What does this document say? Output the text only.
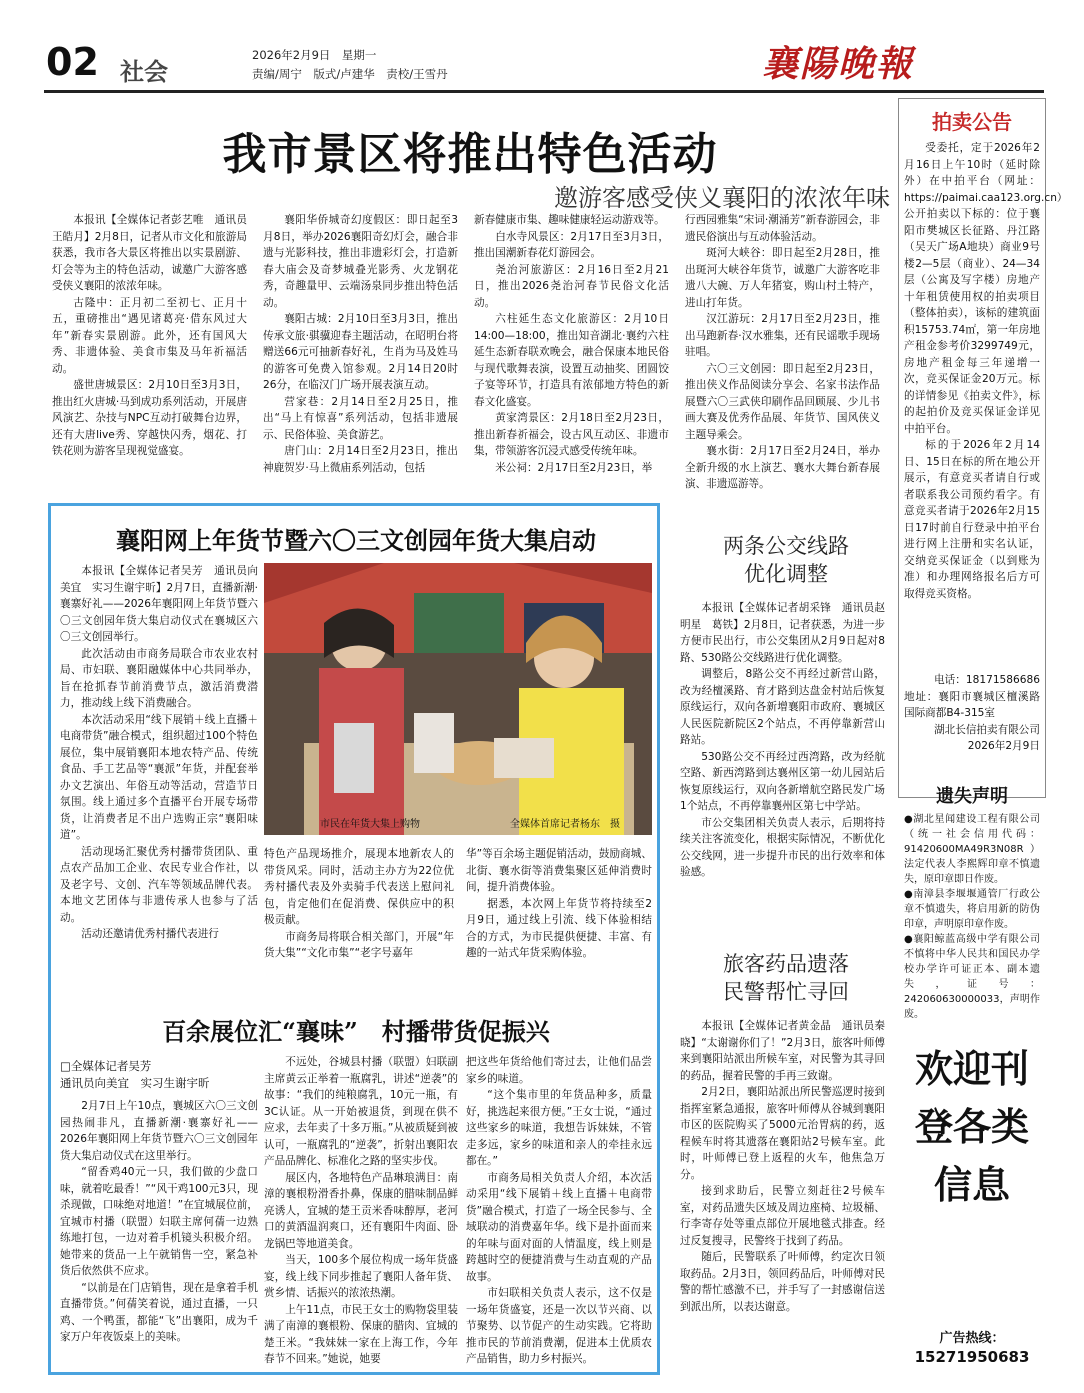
02 社会
2026年2月9日　星期一
责编/周宁　版式/卢建华　责校/王雪丹	襄陽晚報
我市景区将推出特色活动
邀游客感受侠义襄阳的浓浓年味

本报讯【全媒体记者彭艺唯　通讯员王皓月】2月8日，记者从市文化和旅游局获悉，我市各大景区将推出以实景剧游、灯会等为主的特色活动，诚邀广大游客感受侠义襄阳的浓浓年味。

古隆中：正月初二至初七、正月十五，重磅推出“遇见诸葛亮·借东风过大年”新春实景剧游。此外，还有国风大秀、非遗体验、美食市集及马年祈福活动。

盛世唐城景区：2月10日至3月3日，推出红火唐城·马到成功系列活动，开展唐风演艺、杂技与NPC互动打破舞台边界，还有大唐live秀、穿越快闪秀，烟花、打铁花则为游客呈现视觉盛宴。

襄阳华侨城奇幻度假区：即日起至3月8日，举办2026襄阳奇幻灯会，融合非遗与光影科技，推出非遗彩灯会，打造新春大庙会及奇梦城叠光影秀、火龙钢花秀，奇趣量甲、云端汤泉同步推出特色活动。

襄阳古城：2月10日至3月3日，推出传承文旅·骐骥迎春主题活动，在昭明台将赠送66元可抽新春好礼，生肖为马及姓马的游客可免费入馆参观。2月14日20时26分，在临汉门广场开展表演互动。

营家巷：2月14日至2月25日，推出“马上有惊喜”系列活动，包括非遗展示、民俗体验、美食游艺。

唐门山：2月14日至2月23日，推出神鹿贺岁·马上微庙系列活动，包括

新春健康市集、趣味健康轻运动游戏等。

白水寺风景区：2月17日至3月3日，推出国潮新春花灯游园会。

尧治河旅游区：2月16日至2月21日，推出2026尧治河春节民俗文化活动。

六柱延生态文化旅游区：2月10日14:00—18:00，推出知音湖北·襄约六柱延生态新春联欢晚会，融合保康本地民俗与现代歌舞表演，设置互动抽奖、团圆饺子宴等环节，打造具有浓郁地方特色的新春文化盛宴。

黄家湾景区：2月18日至2月23日，推出新春祈福会，设古风互动区、非遗市集，带领游客沉浸式感受传统年味。

米公祠：2月17日至2月23日，举

行西园雅集“宋词·潮涌芳”新春游园会，非遗民俗演出与互动体验活动。

斑河大峡谷：即日起至2月28日，推出斑河大峡谷年货节，诚邀广大游客吃非遗八大碗、万人年猪宴，购山村土特产，进山打年货。

汉江游玩：2月17日至2月23日，推出马跑新春·汉水雅集，还有民谣歌手现场驻唱。

六〇三文创园：即日起至2月23日，推出侠义作品阅读分享会、名家书法作品展暨六〇三武侠印刷作品回顾展、少儿书画大赛及优秀作品展、年货节、国风侠义主题导乘会。

襄水街：2月17日至2月24日，举办全新升级的水上演艺、襄水大舞台新春展演、非遗巡游等。

襄阳网上年货节暨六〇三文创园年货大集启动

本报讯【全媒体记者吴芳　通讯员向美宜　实习生谢宇昕】2月7日，直播新潮·襄寨好礼——2026年襄阳网上年货节暨六〇三文创园年货大集启动仪式在襄城区六〇三文创园举行。

此次活动由市商务局联合市农业农村局、市妇联、襄阳融媒体中心共同举办，旨在抢抓春节前消费节点，激活消费潜力，推动线上线下消费融合。

本次活动采用“线下展销＋线上直播＋电商带货”融合模式，组织超过100个特色展位，集中展销襄阳本地农特产品、传统食品、手工艺品等“襄派”年货，并配套举办文艺演出、年俗互动等活动，营造节日氛围。线上通过多个直播平台开展专场带货，让消费者足不出户选购正宗“襄阳味道”。

活动现场汇聚优秀村播带货团队、重点农产品加工企业、农民专业合作社，以及老字号、文创、汽车等领域品牌代表。本地文艺团体与非遗传承人也参与了活动。

活动还邀请优秀村播代表进行

市民在年货大集上购物	全媒体首席记者杨东　摄

特色产品现场推介，展现本地新农人的带货风采。同时，活动主办方为22位优秀村播代表及外卖骑手代表送上慰问礼包，肯定他们在促消费、保供应中的积极贡献。

市商务局将联合相关部门，开展“年货大集”“文化市集”“老字号嘉年

华”等百余场主题促销活动，鼓励商城、北街、襄水街等消费集聚区延伸消费时间，提升消费体验。

据悉，本次网上年货节将持续至2月9日，通过线上引流、线下体验相结合的方式，为市民提供便捷、丰富、有趣的一站式年货采购体验。

百余展位汇“襄味”　村播带货促振兴
□全媒体记者吴芳
通讯员向美宜　实习生谢宇昕

2月7日上午10点，襄城区六〇三文创园热闹非凡，直播新潮·襄寨好礼——2026年襄阳网上年货节暨六〇三文创园年货大集启动仪式在这里举行。

“留香鸡40元一只，我们做的少盘口味，就着吃最香！”“风干鸡100元3只，现杀现做，口味绝对地道！”在宜城展位前，宜城市村播（联盟）妇联主席何蒨一边熟练地打包，一边对着手机镜头积极介绍。她带来的货品一上午就销售一空，紧急补货后依然供不应求。

“以前是在门店销售，现在是拿着手机直播带货。”何蒨笑着说，通过直播，一只鸡、一个鸭蛋，都能“飞”出襄阳，成为千家万户年夜饭桌上的美味。

不远处，谷城县村播（联盟）妇联副主席黄云正举着一瓶腐乳，讲述“逆袭”的故事：“我们的纯粮腐乳，10元一瓶，有3C认证。从一开始被退货，到现在供不应求，去年卖了十多万瓶。”从被质疑到被认可，一瓶腐乳的“逆袭”，折射出襄阳农产品品牌化、标准化之路的坚实步伐。

展区内，各地特色产品琳琅满目：南漳的襄根粉滑香扑鼻，保康的腊味制品鲜亮诱人，宜城的楚王贡米香味醇厚，老河口的黄酒温润爽口，还有襄阳牛肉面、卧龙锅巴等地道美食。

当天，100多个展位构成一场年货盛宴，线上线下同步推起了襄阳人备年货、赏乡情、话振兴的浓浓热潮。

上午11点，市民王女士的购物袋里装满了南漳的襄根粉、保康的腊肉、宜城的楚王米。“我妹妹一家在上海工作，今年春节不回来。”她说，她要

把这些年货给他们寄过去，让他们品尝家乡的味道。

“这个集市里的年货品种多，质量好，挑选起来很方便。”王女士说，“通过这些家乡的味道，我想告诉妹妹，不管走多远，家乡的味道和亲人的牵挂永远都在。”

市商务局相关负责人介绍，本次活动采用“线下展销＋线上直播＋电商带货”融合模式，打造了一场全民参与、全域联动的消费嘉年华。线下是扑面而来的年味与面对面的人情温度，线上则是跨越时空的便捷消费与生动直观的产品故事。

市妇联相关负责人表示，这不仅是一场年货盛宴，还是一次以节兴商、以节聚势、以节促产的生动实践。它将助推市民的节前消费潮，促进本土优质农产品销售，助力乡村振兴。

两条公交线路
优化调整

本报讯【全媒体记者胡采锋　通讯员赵明星　葛铁】2月8日，记者获悉，为进一步方便市民出行，市公交集团从2月9日起对8路、530路公交线路进行优化调整。

调整后，8路公交不再经过新营山路，改为经檀溪路、育才路到达盘金村站后恢复原线运行，双向各新增襄阳市政府、襄城区人民医院新院区2个站点，不再停靠新营山路站。

530路公交不再经过西湾路，改为经航空路、新西湾路到达襄州区第一幼儿园站后恢复原线运行，双向各新增航空路民发广场1个站点，不再停靠襄州区第七中学站。

市公交集团相关负责人表示，后期将持续关注客流变化，根据实际情况，不断优化公交线网，进一步提升市民的出行效率和体验感。

旅客药品遗落
民警帮忙寻回

本报讯【全媒体记者黄金晶　通讯员秦晓】“太谢谢你们了！”2月3日，旅客叶师傅来到襄阳站派出所候车室，对民警为其寻回的药品，握着民警的手再三致谢。

2月2日，襄阳站派出所民警巡逻时接到指挥室紧急通报，旅客叶师傅从谷城到襄阳市区的医院购买了5000元治胃病的药，返程候车时将其遗落在襄阳站2号候车室。此时，叶师傅已登上返程的火车，他焦急万分。

接到求助后，民警立刻赶往2号候车室，对药品遗失区域及周边座椅、垃圾桶、行李寄存处等重点部位开展地毯式排查。经过反复搜寻，民警终于找到了药品。

随后，民警联系了叶师傅，约定次日领取药品。2月3日，领回药品后，叶师傅对民警的帮忙感激不已，并手写了一封感谢信送到派出所，以表达谢意。

拍卖公告

受委托，定于2026年2月16日上午10时（延时除外）在中拍平台（网址：https://paimai.caa123.org.cn）公开拍卖以下标的：位于襄阳市樊城区长征路、丹江路（吴天广场A地块）商业9号楼2—5层（商业）、24—34层（公寓及写字楼）房地产十年租赁使用权的拍卖项目（整体拍卖），该标的建筑面积15753.74㎡，第一年房地产租金参考价3299749元，房地产租金每三年递增一次，竞买保证金20万元。标的详情参见《拍卖文件》，标的起拍价及竞买保证金详见中拍平台。

标的于2026年2月14日、15日在标的所在地公开展示，有意竞买者请自行或者联系我公司预约看字。有意竞买者请于2026年2月15日17时前自行登录中拍平台进行网上注册和实名认证，交纳竞买保证金（以到账为准）和办理网络报名后方可取得竞买资格。

电话：18171586686
地址：襄阳市襄城区檀溪路国际商都B4-315室
湖北长信拍卖有限公司
2026年2月9日
遗失声明
●湖北星闻建设工程有限公司（统一社会信用代码：91420600MA49R3N08R）法定代表人李熙辉印章不慎遗失，原印章即日作废。
●南漳县李堰堰通管厂行政公章不慎遗失，将启用新的防伪印章，声明原印章作废。
●襄阳鲸蓝高级中学有限公司不慎将中华人民共和国民办学校办学许可证正本、副本遗失，证号：242060630000033，声明作废。
欢迎刊登各类信息
广告热线：
15271950683
